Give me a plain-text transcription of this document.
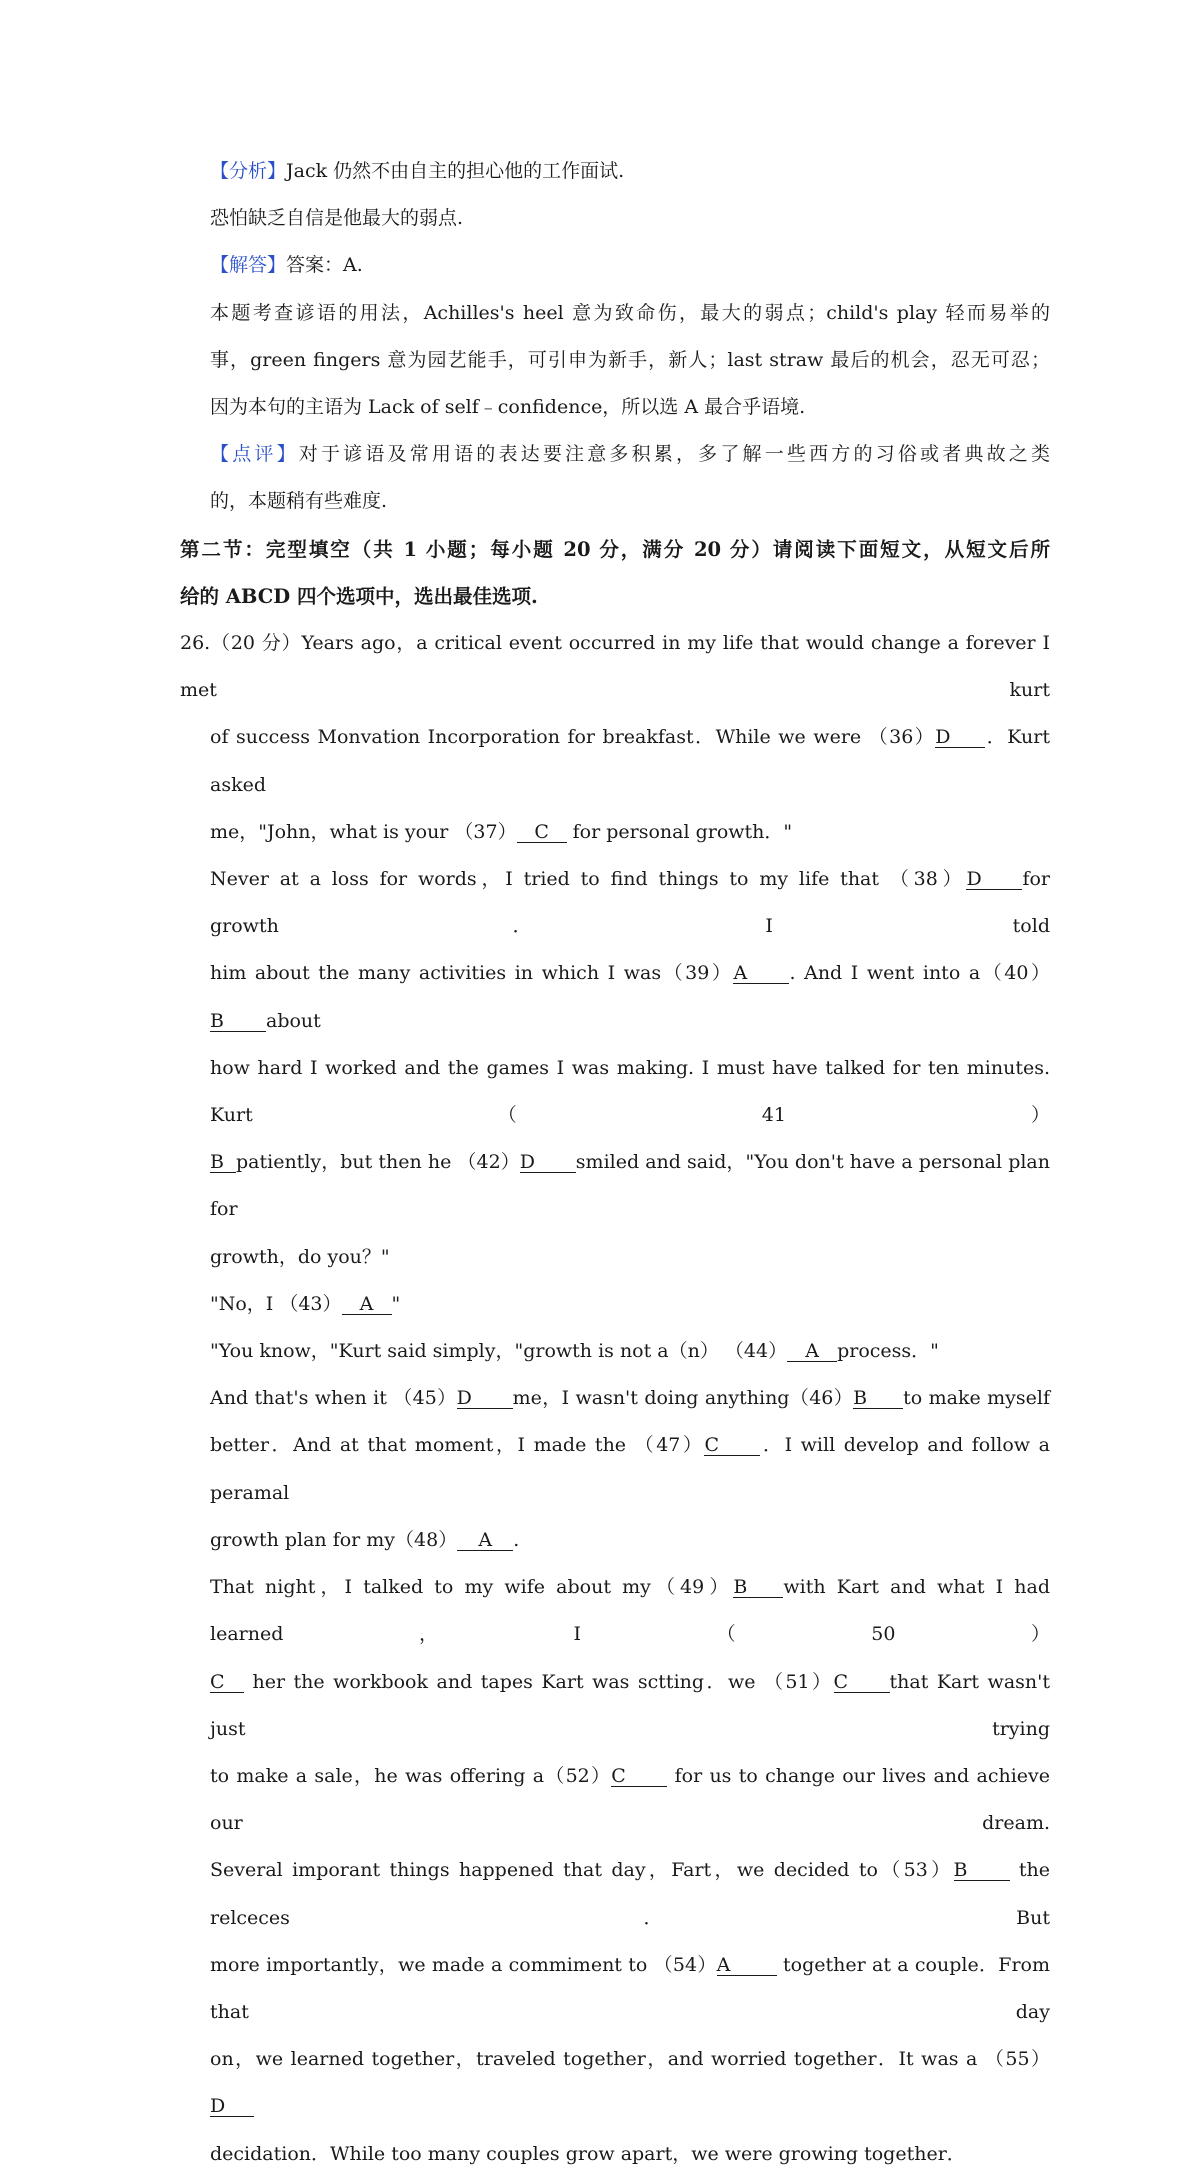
【分析】Jack 仍然不由自主的担心他的工作面试.
恐怕缺乏自信是他最大的弱点.
【解答】答案：A.
本题考查谚语的用法，Achilles's heel 意为致命伤，最大的弱点；child's play 轻而易举的
事，green fingers 意为园艺能手，可引申为新手，新人；last straw 最后的机会，忍无可忍；
因为本句的主语为 Lack of self﹣confidence，所以选 A 最合乎语境.
【点评】对于谚语及常用语的表达要注意多积累，多了解一些西方的习俗或者典故之类
的，本题稍有些难度.
第二节：完型填空（共 1 小题；每小题 20 分，满分 20 分）请阅读下面短文，从短文后所
给的 ABCD 四个选项中，选出最佳选项.
26.（20 分）Years ago，a critical event occurred in my life that would change a forever I met kurt
of success Monvation Incorporation for breakfast．While we were （36）D ．Kurt asked
me，"John，what is your （37） C for personal growth．"
Never at a loss for words，I tried to find things to my life that （38）D for growth．I told
him about the many activities in which I was（39）A . And I went into a（40）B about
how hard I worked and the games I was making. I must have talked for ten minutes. Kurt（41）
B patiently，but then he （42）D smiled and said，"You don't have a personal plan for
growth，do you？"
"No，I （43） A "
"You know，"Kurt said simply，"growth is not a（n） （44） A process．"
And that's when it （45）D me，I wasn't doing anything（46）B to make myself
better．And at that moment，I made the （47）C ．I will develop and follow a peramal
growth plan for my（48） A .
That night，I talked to my wife about my（49）B with Kart and what I had learned，I（50）
C her the workbook and tapes Kart was sctting．we （51）C that Kart wasn't just trying
to make a sale，he was offering a（52）C for us to change our lives and achieve our dream.
Several imporant things happened that day，Fart，we decided to（53）B the relceces．But
more importantly，we made a commiment to （54）A together at a couple．From that day
on，we learned together，traveled together，and worried together．It was a （55）D
decidation．While too many couples grow apart，we were growing together．
